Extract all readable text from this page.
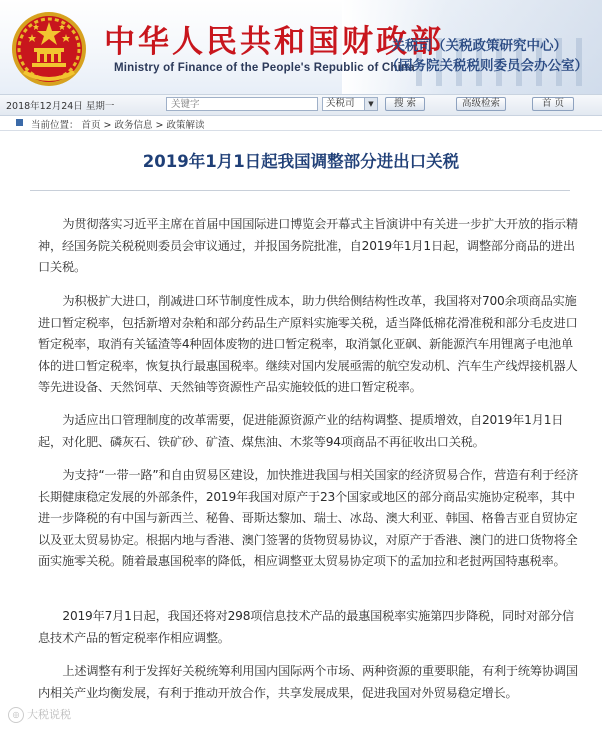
中华人民共和国财政部
Ministry of Finance of the People's Republic of China
关税司（关税政策研究中心）
（国务院关税税则委员会办公室）
2018年12月24日 星期一
关键字	关税司	▼	搜 索	高级检索	首 页
当前位置： 首页 > 政务信息 > 政策解读
2019年1月1日起我国调整部分进出口关税

为贯彻落实习近平主席在首届中国国际进口博览会开幕式主旨演讲中有关进一步扩大开放的指示精神，经国务院关税税则委员会审议通过，并报国务院批准，自2019年1月1日起，调整部分商品的进出口关税。

为积极扩大进口，削减进口环节制度性成本，助力供给侧结构性改革，我国将对700余项商品实施进口暂定税率，包括新增对杂粕和部分药品生产原料实施零关税，适当降低棉花滑准税和部分毛皮进口暂定税率，取消有关锰渣等4种固体废物的进口暂定税率，取消氯化亚砜、新能源汽车用锂离子电池单体的进口暂定税率，恢复执行最惠国税率。继续对国内发展亟需的航空发动机、汽车生产线焊接机器人等先进设备、天然饲草、天然铀等资源性产品实施较低的进口暂定税率。

为适应出口管理制度的改革需要，促进能源资源产业的结构调整、提质增效，自2019年1月1日起，对化肥、磷灰石、铁矿砂、矿渣、煤焦油、木浆等94项商品不再征收出口关税。

为支持“一带一路”和自由贸易区建设，加快推进我国与相关国家的经济贸易合作，营造有利于经济长期健康稳定发展的外部条件，2019年我国对原产于23个国家或地区的部分商品实施协定税率，其中进一步降税的有中国与新西兰、秘鲁、哥斯达黎加、瑞士、冰岛、澳大利亚、韩国、格鲁吉亚自贸协定以及亚太贸易协定。根据内地与香港、澳门签署的货物贸易协议，对原产于香港、澳门的进口货物将全面实施零关税。随着最惠国税率的降低，相应调整亚太贸易协定项下的孟加拉和老挝两国特惠税率。

2019年7月1日起，我国还将对298项信息技术产品的最惠国税率实施第四步降税，同时对部分信息技术产品的暂定税率作相应调整。

上述调整有利于发挥好关税统筹利用国内国际两个市场、两种资源的重要职能，有利于统筹协调国内相关产业均衡发展，有利于推动开放合作，共享发展成果，促进我国对外贸易稳定增长。

◎ 大税说税
